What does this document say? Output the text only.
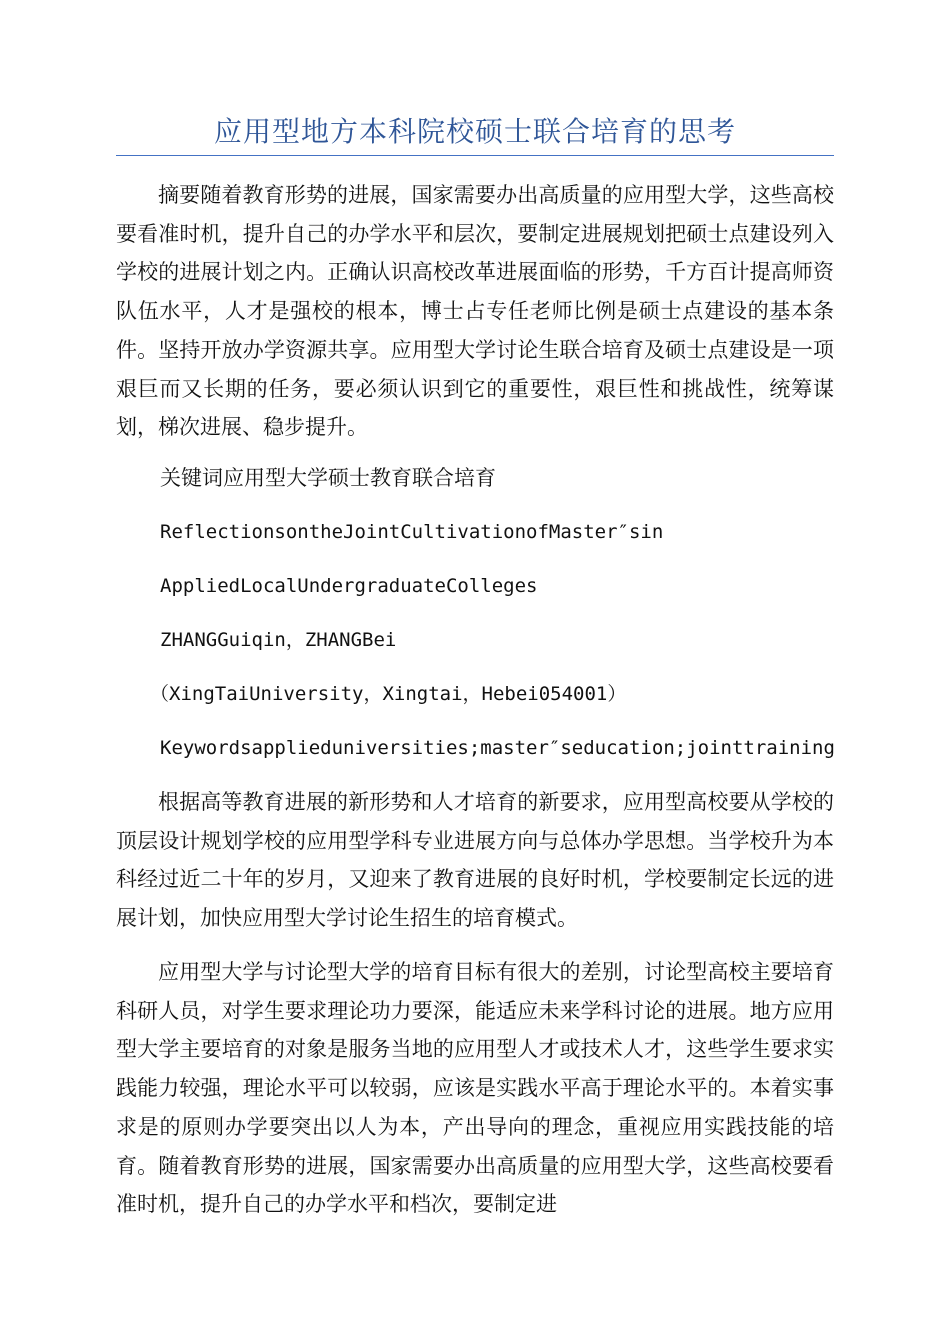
应用型地方本科院校硕士联合培育的思考

摘要随着教育形势的进展，国家需要办出高质量的应用型大学，这些高校要看准时机，提升自己的办学水平和层次，要制定进展规划把硕士点建设列入学校的进展计划之内。正确认识高校改革进展面临的形势，千方百计提高师资队伍水平，人才是强校的根本，博士占专任老师比例是硕士点建设的基本条件。坚持开放办学资源共享。应用型大学讨论生联合培育及硕士点建设是一项艰巨而又长期的任务，要必须认识到它的重要性，艰巨性和挑战性，统筹谋划，梯次进展、稳步提升。

关键词应用型大学硕士教育联合培育

ReflectionsontheJointCultivationofMaster″sin

AppliedLocalUndergraduateColleges

ZHANGGuiqin，ZHANGBei

（XingTaiUniversity，Xingtai，Hebei054001）

Keywordsapplieduniversities;master″seducation;jointtraining

根据高等教育进展的新形势和人才培育的新要求，应用型高校要从学校的顶层设计规划学校的应用型学科专业进展方向与总体办学思想。当学校升为本科经过近二十年的岁月，又迎来了教育进展的良好时机，学校要制定长远的进展计划，加快应用型大学讨论生招生的培育模式。

应用型大学与讨论型大学的培育目标有很大的差别，讨论型高校主要培育科研人员，对学生要求理论功力要深，能适应未来学科讨论的进展。地方应用型大学主要培育的对象是服务当地的应用型人才或技术人才，这些学生要求实践能力较强，理论水平可以较弱，应该是实践水平高于理论水平的。本着实事求是的原则办学要突出以人为本，产出导向的理念，重视应用实践技能的培育。随着教育形势的进展，国家需要办出高质量的应用型大学，这些高校要看准时机，提升自己的办学水平和档次，要制定进
